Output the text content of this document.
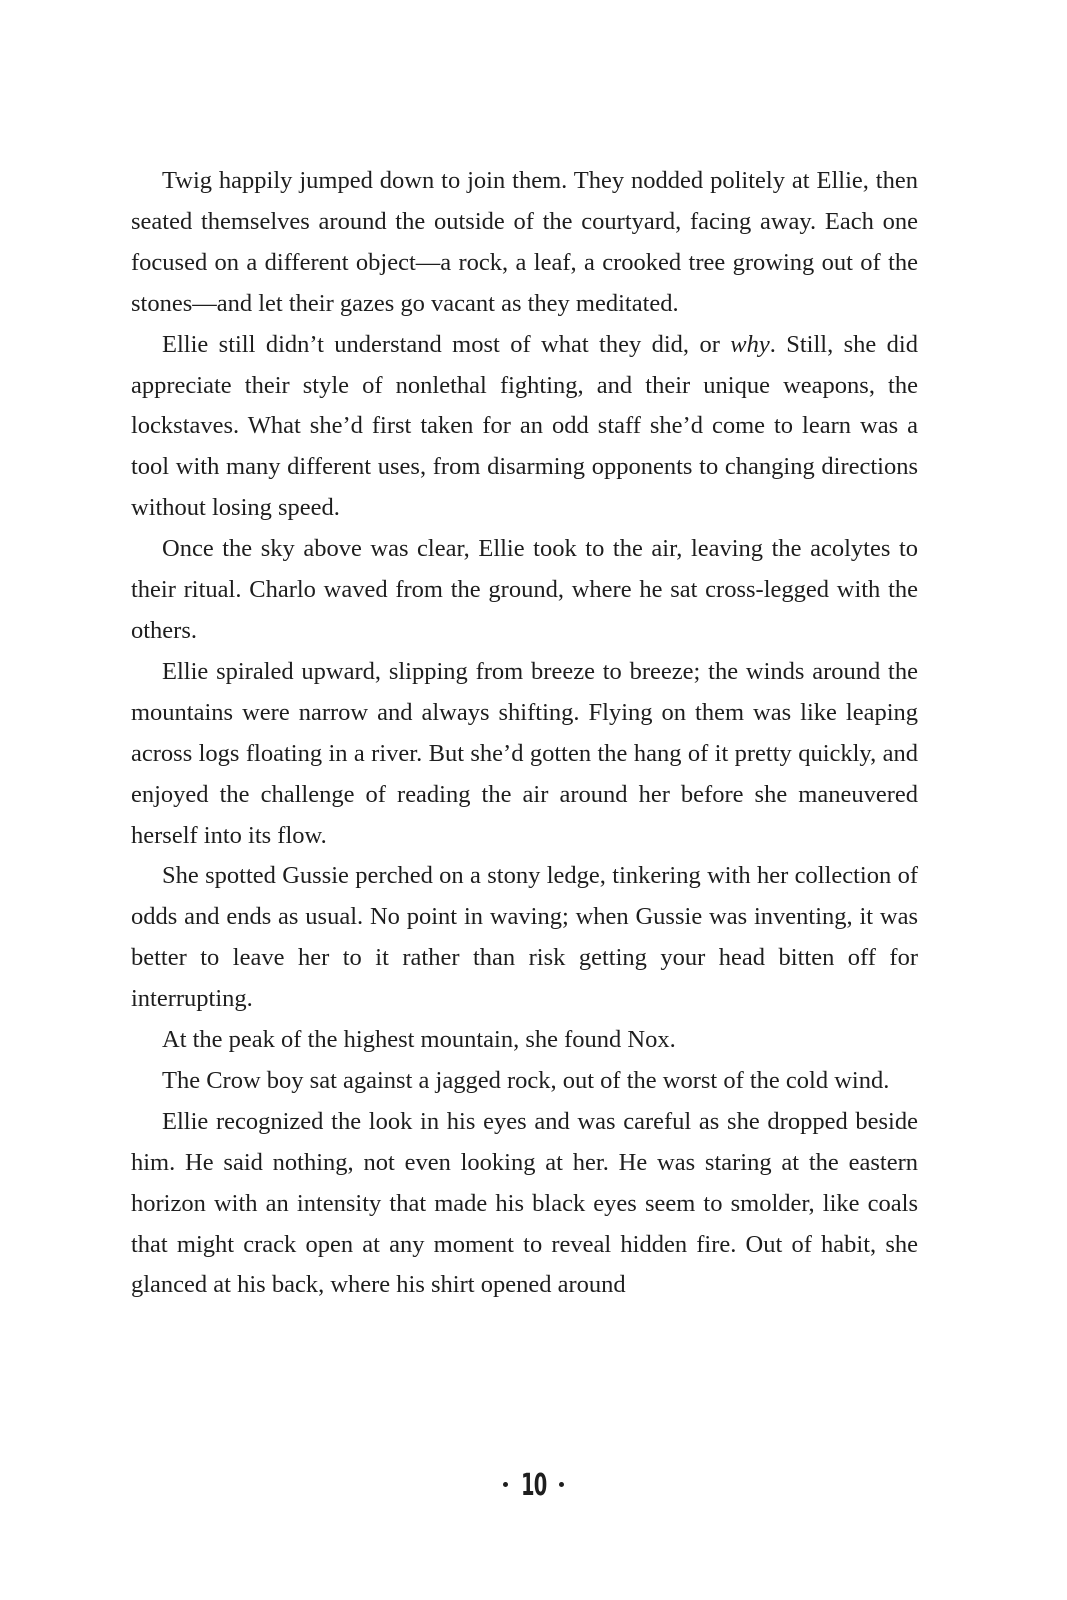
Twig happily jumped down to join them. They nodded politely at Ellie, then seated themselves around the outside of the courtyard, facing away. Each one focused on a different object—a rock, a leaf, a crooked tree growing out of the stones—and let their gazes go vacant as they meditated.

Ellie still didn’t understand most of what they did, or why. Still, she did appreciate their style of nonlethal fighting, and their unique weapons, the lockstaves. What she’d first taken for an odd staff she’d come to learn was a tool with many different uses, from disarming opponents to changing directions without losing speed.

Once the sky above was clear, Ellie took to the air, leaving the acolytes to their ritual. Charlo waved from the ground, where he sat cross-legged with the others.

Ellie spiraled upward, slipping from breeze to breeze; the winds around the mountains were narrow and always shifting. Flying on them was like leaping across logs floating in a river. But she’d gotten the hang of it pretty quickly, and enjoyed the challenge of reading the air around her before she maneuvered herself into its flow.

She spotted Gussie perched on a stony ledge, tinkering with her collection of odds and ends as usual. No point in waving; when Gussie was inventing, it was better to leave her to it rather than risk getting your head bitten off for interrupting.

At the peak of the highest mountain, she found Nox.

The Crow boy sat against a jagged rock, out of the worst of the cold wind.

Ellie recognized the look in his eyes and was careful as she dropped beside him. He said nothing, not even looking at her. He was staring at the eastern horizon with an intensity that made his black eyes seem to smolder, like coals that might crack open at any moment to reveal hidden fire. Out of habit, she glanced at his back, where his shirt opened around

10
